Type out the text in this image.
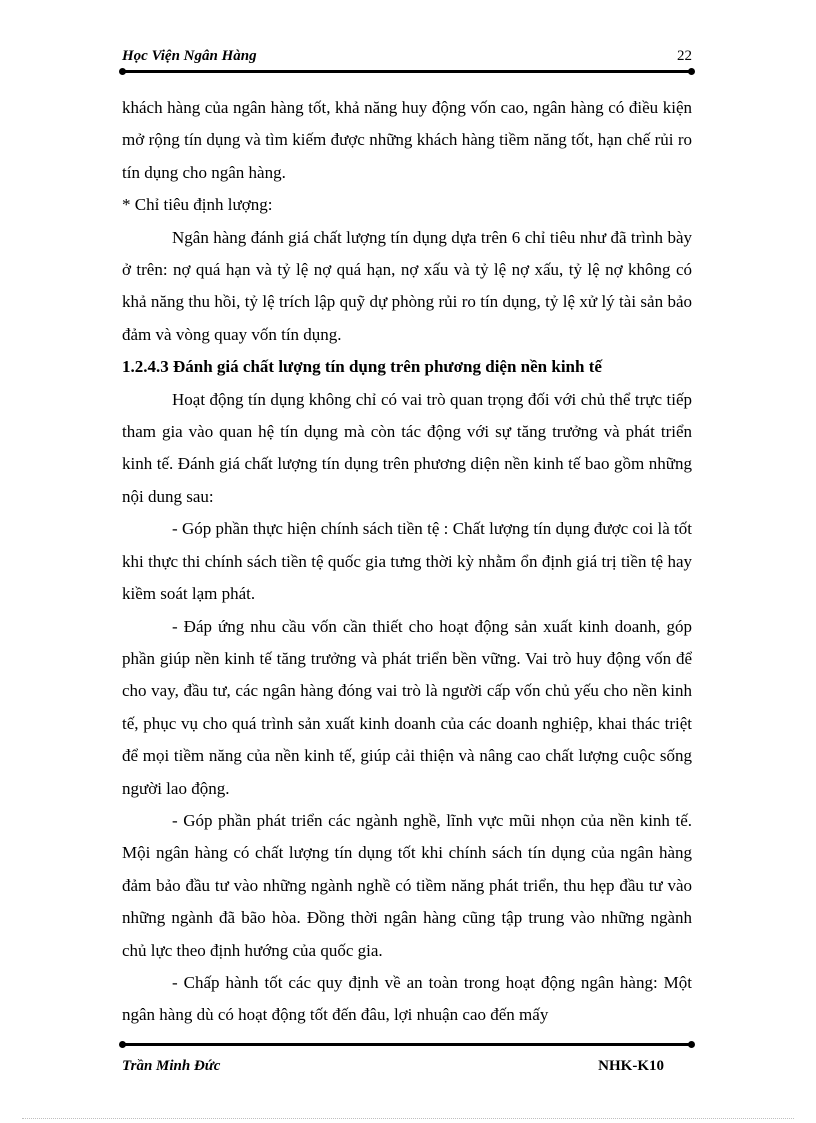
Học Viện Ngân Hàng	22

khách hàng của ngân hàng tốt, khả năng huy động vốn cao, ngân hàng có điều kiện mở rộng tín dụng và tìm kiếm được những khách hàng tiềm năng tốt, hạn chế rủi ro tín dụng cho ngân hàng.

* Chỉ tiêu định lượng:

Ngân hàng đánh giá chất lượng tín dụng dựa trên 6 chỉ tiêu như đã trình bày ở trên: nợ quá hạn và tỷ lệ nợ quá hạn, nợ xấu và tỷ lệ nợ xấu, tỷ lệ nợ không có khả năng thu hồi, tỷ lệ trích lập quỹ dự phòng rủi ro tín dụng, tỷ lệ xử lý tài sản bảo đảm và vòng quay vốn tín dụng.

1.2.4.3 Đánh giá chất lượng tín dụng trên phương diện nền kinh tế

Hoạt động tín dụng không chỉ có vai trò quan trọng đối với chủ thể trực tiếp tham gia vào quan hệ tín dụng mà còn tác động với sự tăng trưởng và phát triển kinh tế. Đánh giá chất lượng tín dụng trên phương diện nền kinh tế bao gồm những nội dung sau:

- Góp phần thực hiện chính sách tiền tệ : Chất lượng tín dụng được coi là tốt khi thực thi chính sách tiền tệ quốc gia tưng thời kỳ nhằm ổn định giá trị tiền tệ hay kiềm soát lạm phát.

- Đáp ứng nhu cầu vốn cần thiết cho hoạt động sản xuất kinh doanh, góp phần giúp nền kinh tế tăng trưởng và phát triển bền vững. Vai trò huy động vốn để cho vay, đầu tư, các ngân hàng đóng vai trò là người cấp vốn chủ yếu cho nền kinh tế, phục vụ cho quá trình sản xuất kinh doanh của các doanh nghiệp, khai thác triệt để mọi tiềm năng của nền kinh tế, giúp cải thiện và nâng cao chất lượng cuộc sống người lao động.

- Góp phần phát triển các ngành nghề, lĩnh vực mũi nhọn của nền kinh tế. Mội ngân hàng có chất lượng tín dụng tốt khi chính sách tín dụng của ngân hàng đảm bảo đầu tư vào những ngành nghề có tiềm năng phát triển, thu hẹp đầu tư vào những ngành đã bão hòa. Đồng thời ngân hàng cũng tập trung vào những ngành chủ lực theo định hướng của quốc gia.

- Chấp hành tốt các quy định về an toàn trong hoạt động ngân hàng: Một ngân hàng dù có hoạt động tốt đến đâu, lợi nhuận cao đến mấy

Trần Minh Đức	NHK-K10
